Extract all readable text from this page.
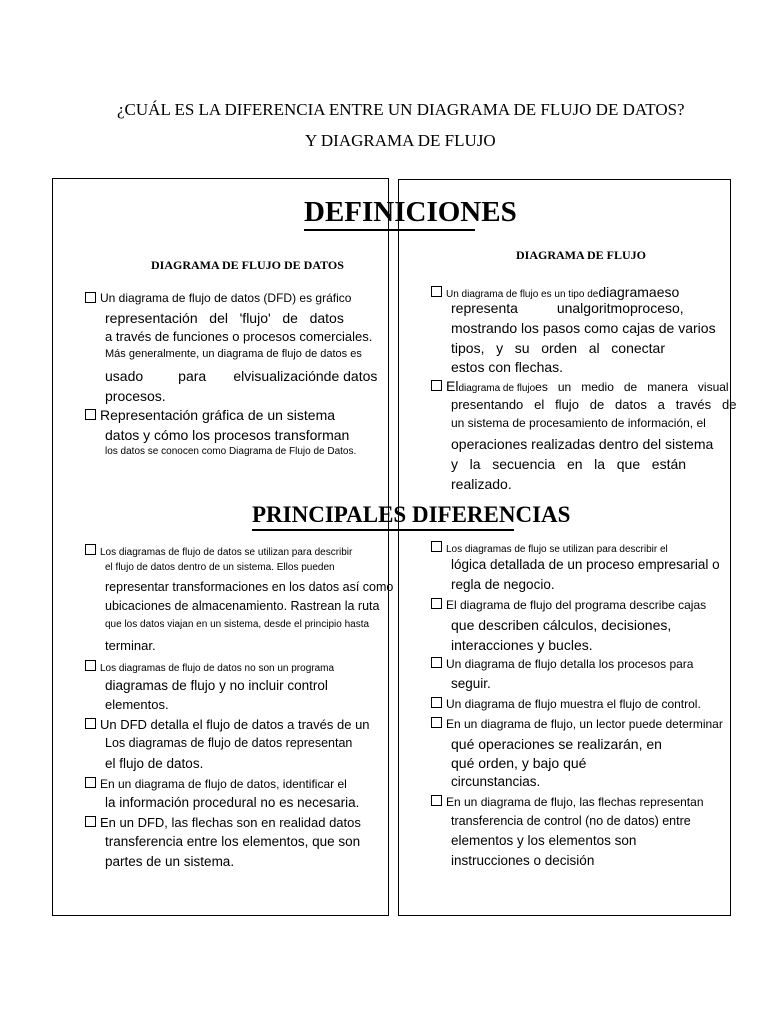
¿CUÁL ES LA DIFERENCIA ENTRE UN DIAGRAMA DE FLUJO DE DATOS?
Y DIAGRAMA DE FLUJO
DEFINICIONES
DIAGRAMA DE FLUJO DE DATOS
Un diagrama de flujo de datos (DFD) es gráfico
representación   del   'flujo'   de   datos
a través de funciones o procesos comerciales.
Más generalmente, un diagrama de flujo de datos es
usado         para       elvisualizaciónde datos
procesos.
Representación gráfica de un sistema
datos y cómo los procesos transforman
los datos se conocen como Diagrama de Flujo de Datos.
DIAGRAMA DE FLUJO
Un diagrama de flujo es un tipo dediagramaeso
representa          unalgoritmoproceso,
mostrando los pasos como cajas de varios
tipos,   y   su   orden   al   conectar
estos con flechas.
Eldiagrama de flujoes   un   medio   de   manera   visual
presentando   el   flujo   de   datos   a   través   de
un sistema de procesamiento de información, el
operaciones realizadas dentro del sistema
y   la   secuencia   en   la   que   están
realizado.
PRINCIPALES DIFERENCIAS
Los diagramas de flujo de datos se utilizan para describir
el flujo de datos dentro de un sistema. Ellos pueden
representar transformaciones en los datos así como
ubicaciones de almacenamiento. Rastrean la ruta
que los datos viajan en un sistema, desde el principio hasta
terminar.
Los diagramas de flujo de datos no son un programa
diagramas de flujo y no incluir control
elementos.
Un DFD detalla el flujo de datos a través de un
Los diagramas de flujo de datos representan
el flujo de datos.
En un diagrama de flujo de datos, identificar el
la información procedural no es necesaria.
En un DFD, las flechas son en realidad datos
transferencia entre los elementos, que son
partes de un sistema.
Los diagramas de flujo se utilizan para describir el
lógica detallada de un proceso empresarial o
regla de negocio.
El diagrama de flujo del programa describe cajas
que describen cálculos, decisiones,
interacciones y bucles.
Un diagrama de flujo detalla los procesos para
seguir.
Un diagrama de flujo muestra el flujo de control.
En un diagrama de flujo, un lector puede determinar
qué operaciones se realizarán, en
qué orden, y bajo qué
circunstancias.
En un diagrama de flujo, las flechas representan
transferencia de control (no de datos) entre
elementos y los elementos son
instrucciones o decisión
